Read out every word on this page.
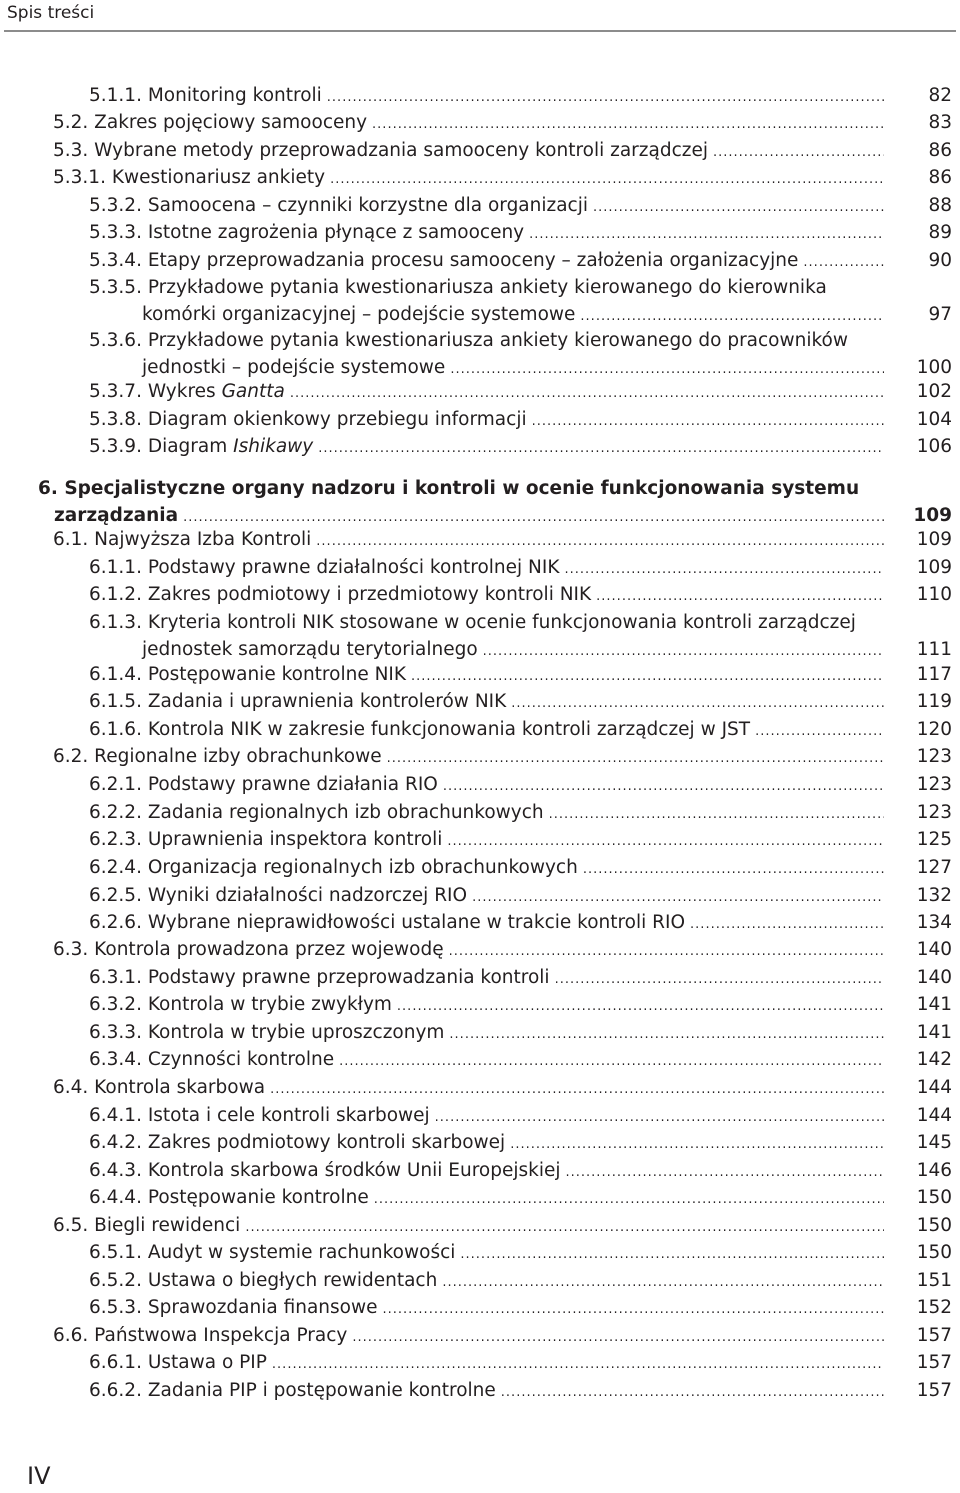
Spis treści
5.1.1. Monitoring kontroli .....	82
5.2. Zakres pojęciowy samooceny .....	83
5.3. Wybrane metody przeprowadzania samooceny kontroli zarządczej .....	86
5.3.1. Kwestionariusz ankiety .....	86
5.3.2. Samoocena – czynniki korzystne dla organizacji .....	88
5.3.3. Istotne zagrożenia płynące z samooceny .....	89
5.3.4. Etapy przeprowadzania procesu samooceny – założenia organizacyjne .....	90
5.3.5. Przykładowe pytania kwestionariusza ankiety kierowanego do kierownika
komórki organizacyjnej – podejście systemowe .....	97
5.3.6. Przykładowe pytania kwestionariusza ankiety kierowanego do pracowników
jednostki – podejście systemowe .....	100
5.3.7. Wykres Gantta .....	102
5.3.8. Diagram okienkowy przebiegu informacji .....	104
5.3.9. Diagram Ishikawy .....	106
6. Specjalistyczne organy nadzoru i kontroli w ocenie funkcjonowania systemu
zarządzania .....	109
6.1. Najwyższa Izba Kontroli .....	109
6.1.1. Podstawy prawne działalności kontrolnej NIK .....	109
6.1.2. Zakres podmiotowy i przedmiotowy kontroli NIK .....	110
6.1.3. Kryteria kontroli NIK stosowane w ocenie funkcjonowania kontroli zarządczej
jednostek samorządu terytorialnego .....	111
6.1.4. Postępowanie kontrolne NIK .....	117
6.1.5. Zadania i uprawnienia kontrolerów NIK .....	119
6.1.6. Kontrola NIK w zakresie funkcjonowania kontroli zarządczej w JST .....	120
6.2. Regionalne izby obrachunkowe .....	123
6.2.1. Podstawy prawne działania RIO .....	123
6.2.2. Zadania regionalnych izb obrachunkowych .....	123
6.2.3. Uprawnienia inspektora kontroli .....	125
6.2.4. Organizacja regionalnych izb obrachunkowych .....	127
6.2.5. Wyniki działalności nadzorczej RIO .....	132
6.2.6. Wybrane nieprawidłowości ustalane w trakcie kontroli RIO .....	134
6.3. Kontrola prowadzona przez wojewodę .....	140
6.3.1. Podstawy prawne przeprowadzania kontroli .....	140
6.3.2. Kontrola w trybie zwykłym .....	141
6.3.3. Kontrola w trybie uproszczonym .....	141
6.3.4. Czynności kontrolne .....	142
6.4. Kontrola skarbowa .....	144
6.4.1. Istota i cele kontroli skarbowej .....	144
6.4.2. Zakres podmiotowy kontroli skarbowej .....	145
6.4.3. Kontrola skarbowa środków Unii Europejskiej .....	146
6.4.4. Postępowanie kontrolne .....	150
6.5. Biegli rewidenci .....	150
6.5.1. Audyt w systemie rachunkowości .....	150
6.5.2. Ustawa o biegłych rewidentach .....	151
6.5.3. Sprawozdania finansowe .....	152
6.6. Państwowa Inspekcja Pracy .....	157
6.6.1. Ustawa o PIP .....	157
6.6.2. Zadania PIP i postępowanie kontrolne .....	157
IV
